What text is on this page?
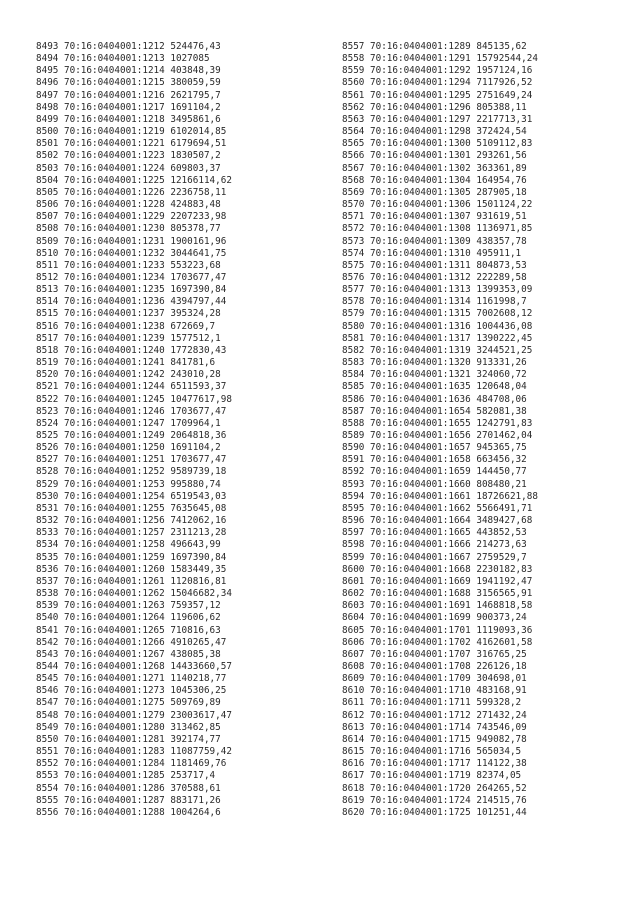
8493 70:16:0404001:1212 524476,43
8494 70:16:0404001:1213 1027085
8495 70:16:0404001:1214 403848,39
8496 70:16:0404001:1215 380059,59
8497 70:16:0404001:1216 2621795,7
8498 70:16:0404001:1217 1691104,2
8499 70:16:0404001:1218 3495861,6
8500 70:16:0404001:1219 6102014,85
8501 70:16:0404001:1221 6179694,51
8502 70:16:0404001:1223 1830507,2
8503 70:16:0404001:1224 609803,37
8504 70:16:0404001:1225 12166114,62
8505 70:16:0404001:1226 2236758,11
8506 70:16:0404001:1228 424883,48
8507 70:16:0404001:1229 2207233,98
8508 70:16:0404001:1230 805378,77
8509 70:16:0404001:1231 1900161,96
8510 70:16:0404001:1232 3044641,75
8511 70:16:0404001:1233 553223,68
8512 70:16:0404001:1234 1703677,47
8513 70:16:0404001:1235 1697390,84
8514 70:16:0404001:1236 4394797,44
8515 70:16:0404001:1237 395324,28
8516 70:16:0404001:1238 672669,7
8517 70:16:0404001:1239 1577512,1
8518 70:16:0404001:1240 1772830,43
8519 70:16:0404001:1241 841781,6
8520 70:16:0404001:1242 243010,28
8521 70:16:0404001:1244 6511593,37
8522 70:16:0404001:1245 10477617,98
8523 70:16:0404001:1246 1703677,47
8524 70:16:0404001:1247 1709964,1
8525 70:16:0404001:1249 2064818,36
8526 70:16:0404001:1250 1691104,2
8527 70:16:0404001:1251 1703677,47
8528 70:16:0404001:1252 9589739,18
8529 70:16:0404001:1253 995880,74
8530 70:16:0404001:1254 6519543,03
8531 70:16:0404001:1255 7635645,08
8532 70:16:0404001:1256 7412062,16
8533 70:16:0404001:1257 2311213,28
8534 70:16:0404001:1258 496643,99
8535 70:16:0404001:1259 1697390,84
8536 70:16:0404001:1260 1583449,35
8537 70:16:0404001:1261 1120816,81
8538 70:16:0404001:1262 15046682,34
8539 70:16:0404001:1263 759357,12
8540 70:16:0404001:1264 119606,62
8541 70:16:0404001:1265 710816,63
8542 70:16:0404001:1266 4910265,47
8543 70:16:0404001:1267 438085,38
8544 70:16:0404001:1268 14433660,57
8545 70:16:0404001:1271 1140218,77
8546 70:16:0404001:1273 1045306,25
8547 70:16:0404001:1275 509769,89
8548 70:16:0404001:1279 23003617,47
8549 70:16:0404001:1280 313462,85
8550 70:16:0404001:1281 392174,77
8551 70:16:0404001:1283 11087759,42
8552 70:16:0404001:1284 1181469,76
8553 70:16:0404001:1285 253717,4
8554 70:16:0404001:1286 370588,61
8555 70:16:0404001:1287 883171,26
8556 70:16:0404001:1288 1004264,6
8557 70:16:0404001:1289 845135,62
8558 70:16:0404001:1291 15792544,24
8559 70:16:0404001:1292 1957124,16
8560 70:16:0404001:1294 7117926,52
8561 70:16:0404001:1295 2751649,24
8562 70:16:0404001:1296 805388,11
8563 70:16:0404001:1297 2217713,31
8564 70:16:0404001:1298 372424,54
8565 70:16:0404001:1300 5109112,83
8566 70:16:0404001:1301 293261,56
8567 70:16:0404001:1302 363361,89
8568 70:16:0404001:1304 164954,76
8569 70:16:0404001:1305 287905,18
8570 70:16:0404001:1306 1501124,22
8571 70:16:0404001:1307 931619,51
8572 70:16:0404001:1308 1136971,85
8573 70:16:0404001:1309 438357,78
8574 70:16:0404001:1310 495911,1
8575 70:16:0404001:1311 804873,53
8576 70:16:0404001:1312 222289,58
8577 70:16:0404001:1313 1399353,09
8578 70:16:0404001:1314 1161998,7
8579 70:16:0404001:1315 7002608,12
8580 70:16:0404001:1316 1004436,08
8581 70:16:0404001:1317 1390222,45
8582 70:16:0404001:1319 3244521,25
8583 70:16:0404001:1320 913331,26
8584 70:16:0404001:1321 324060,72
8585 70:16:0404001:1635 120648,04
8586 70:16:0404001:1636 484708,06
8587 70:16:0404001:1654 582081,38
8588 70:16:0404001:1655 1242791,83
8589 70:16:0404001:1656 2701462,04
8590 70:16:0404001:1657 945365,75
8591 70:16:0404001:1658 663456,32
8592 70:16:0404001:1659 144450,77
8593 70:16:0404001:1660 808480,21
8594 70:16:0404001:1661 18726621,88
8595 70:16:0404001:1662 5566491,71
8596 70:16:0404001:1664 3489427,68
8597 70:16:0404001:1665 443852,53
8598 70:16:0404001:1666 214273,63
8599 70:16:0404001:1667 2759529,7
8600 70:16:0404001:1668 2230182,83
8601 70:16:0404001:1669 1941192,47
8602 70:16:0404001:1688 3156565,91
8603 70:16:0404001:1691 1468818,58
8604 70:16:0404001:1699 900373,24
8605 70:16:0404001:1701 1119093,36
8606 70:16:0404001:1702 4162601,58
8607 70:16:0404001:1707 316765,25
8608 70:16:0404001:1708 226126,18
8609 70:16:0404001:1709 304698,01
8610 70:16:0404001:1710 483168,91
8611 70:16:0404001:1711 599328,2
8612 70:16:0404001:1712 271432,24
8613 70:16:0404001:1714 743546,09
8614 70:16:0404001:1715 949082,78
8615 70:16:0404001:1716 565034,5
8616 70:16:0404001:1717 114122,38
8617 70:16:0404001:1719 82374,05
8618 70:16:0404001:1720 264265,52
8619 70:16:0404001:1724 214515,76
8620 70:16:0404001:1725 101251,44
